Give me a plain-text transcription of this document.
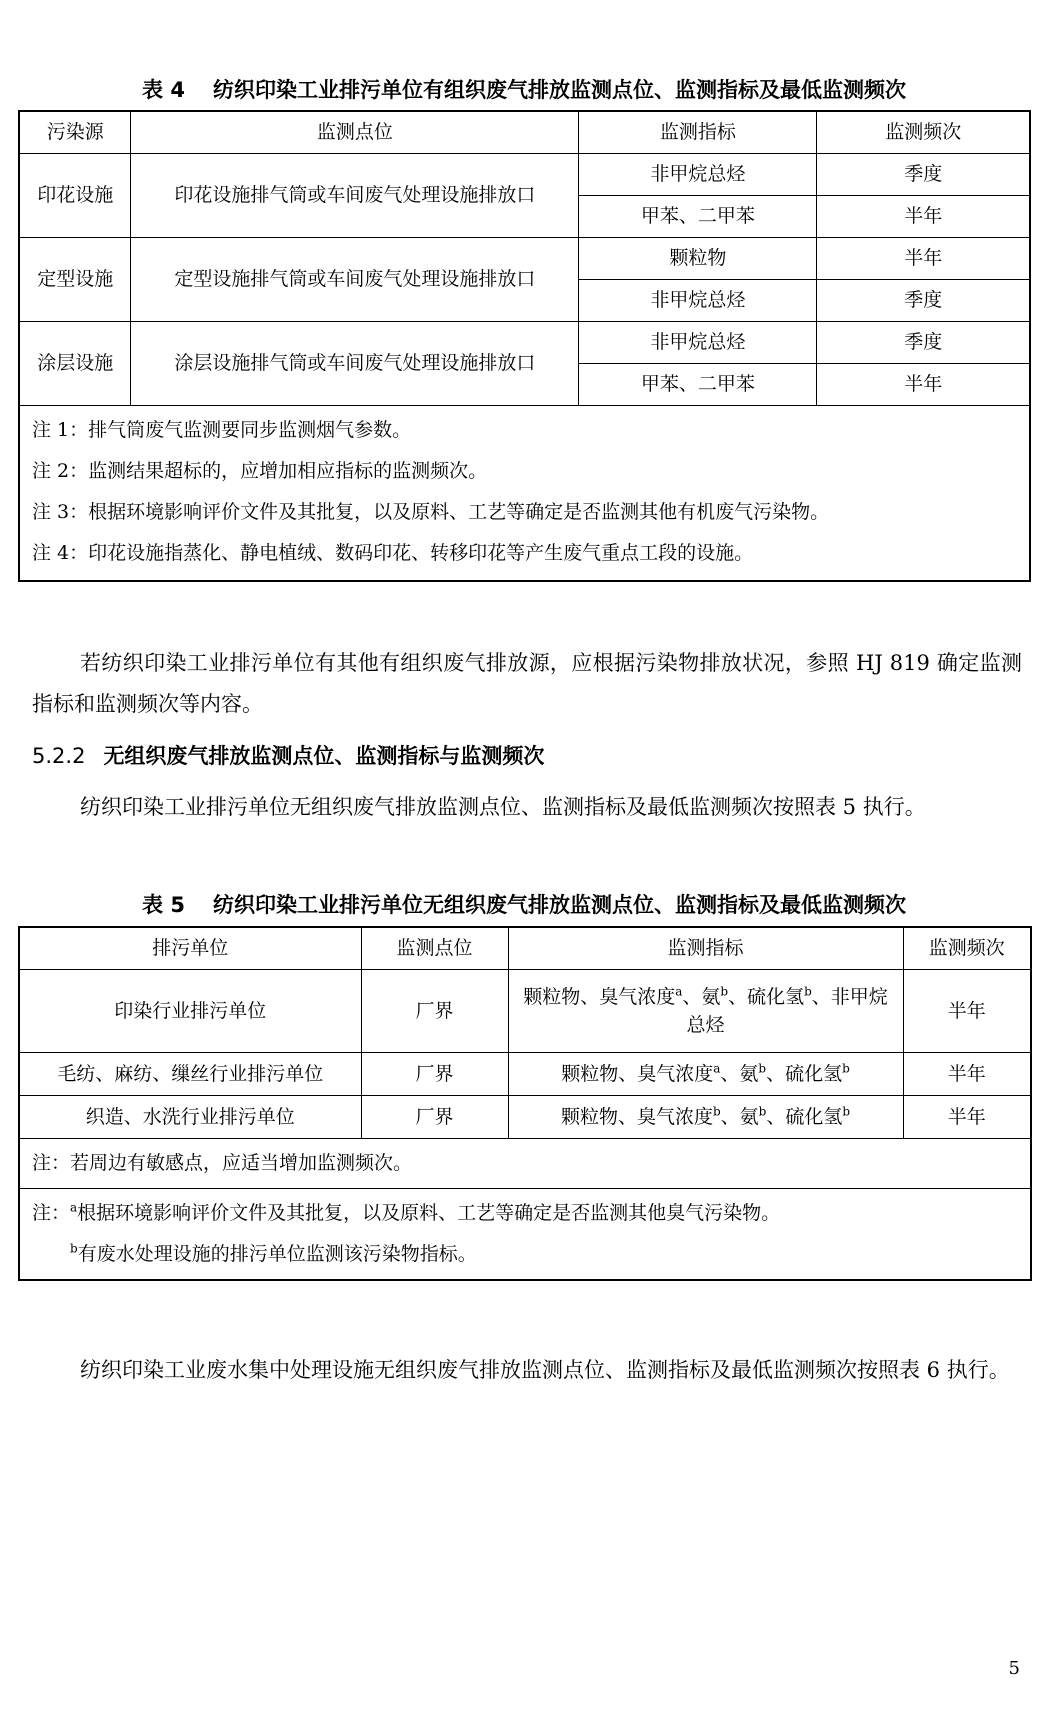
表 4 纺织印染工业排污单位有组织废气排放监测点位、监测指标及最低监测频次
污染源	监测点位	监测指标	监测频次
印花设施	印花设施排气筒或车间废气处理设施排放口	非甲烷总烃	季度
		甲苯、二甲苯	半年
定型设施	定型设施排气筒或车间废气处理设施排放口	颗粒物	半年
		非甲烷总烃	季度
涂层设施	涂层设施排气筒或车间废气处理设施排放口	非甲烷总烃	季度
		甲苯、二甲苯	半年

注 1：排气筒废气监测要同步监测烟气参数。
注 2：监测结果超标的，应增加相应指标的监测频次。
注 3：根据环境影响评价文件及其批复，以及原料、工艺等确定是否监测其他有机废气污染物。
注 4：印花设施指蒸化、静电植绒、数码印花、转移印花等产生废气重点工段的设施。			
若纺织印染工业排污单位有其他有组织废气排放源，应根据污染物排放状况，参照 HJ 819 确定监测指标和监测频次等内容。
5.2.2 无组织废气排放监测点位、监测指标与监测频次
纺织印染工业排污单位无组织废气排放监测点位、监测指标及最低监测频次按照表 5 执行。
表 5 纺织印染工业排污单位无组织废气排放监测点位、监测指标及最低监测频次
排污单位	监测点位	监测指标	监测频次
印染行业排污单位	厂界	颗粒物、臭气浓度$^a$、氨$^b$、硫化氢$^b$、非甲烷总烃	半年
毛纺、麻纺、缫丝行业排污单位	厂界	颗粒物、臭气浓度$^a$、氨$^b$、硫化氢$^b$	半年
织造、水洗行业排污单位	厂界	颗粒物、臭气浓度$^b$、氨$^b$、硫化氢$^b$	半年

注：若周边有敏感点，应适当增加监测频次。			

注：$^a$根据环境影响评价文件及其批复，以及原料、工艺等确定是否监测其他臭气污染物。
$^b$有废水处理设施的排污单位监测该污染物指标。			
纺织印染工业废水集中处理设施无组织废气排放监测点位、监测指标及最低监测频次按照表 6 执行。
5
